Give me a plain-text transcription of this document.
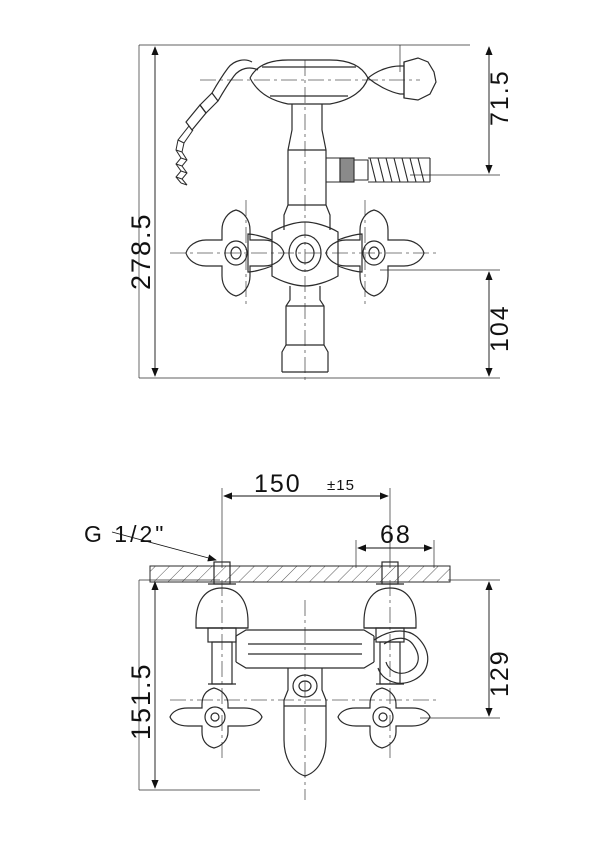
278.5
71.5
104
150 ±15
68
151.5	129
G 1/2"
